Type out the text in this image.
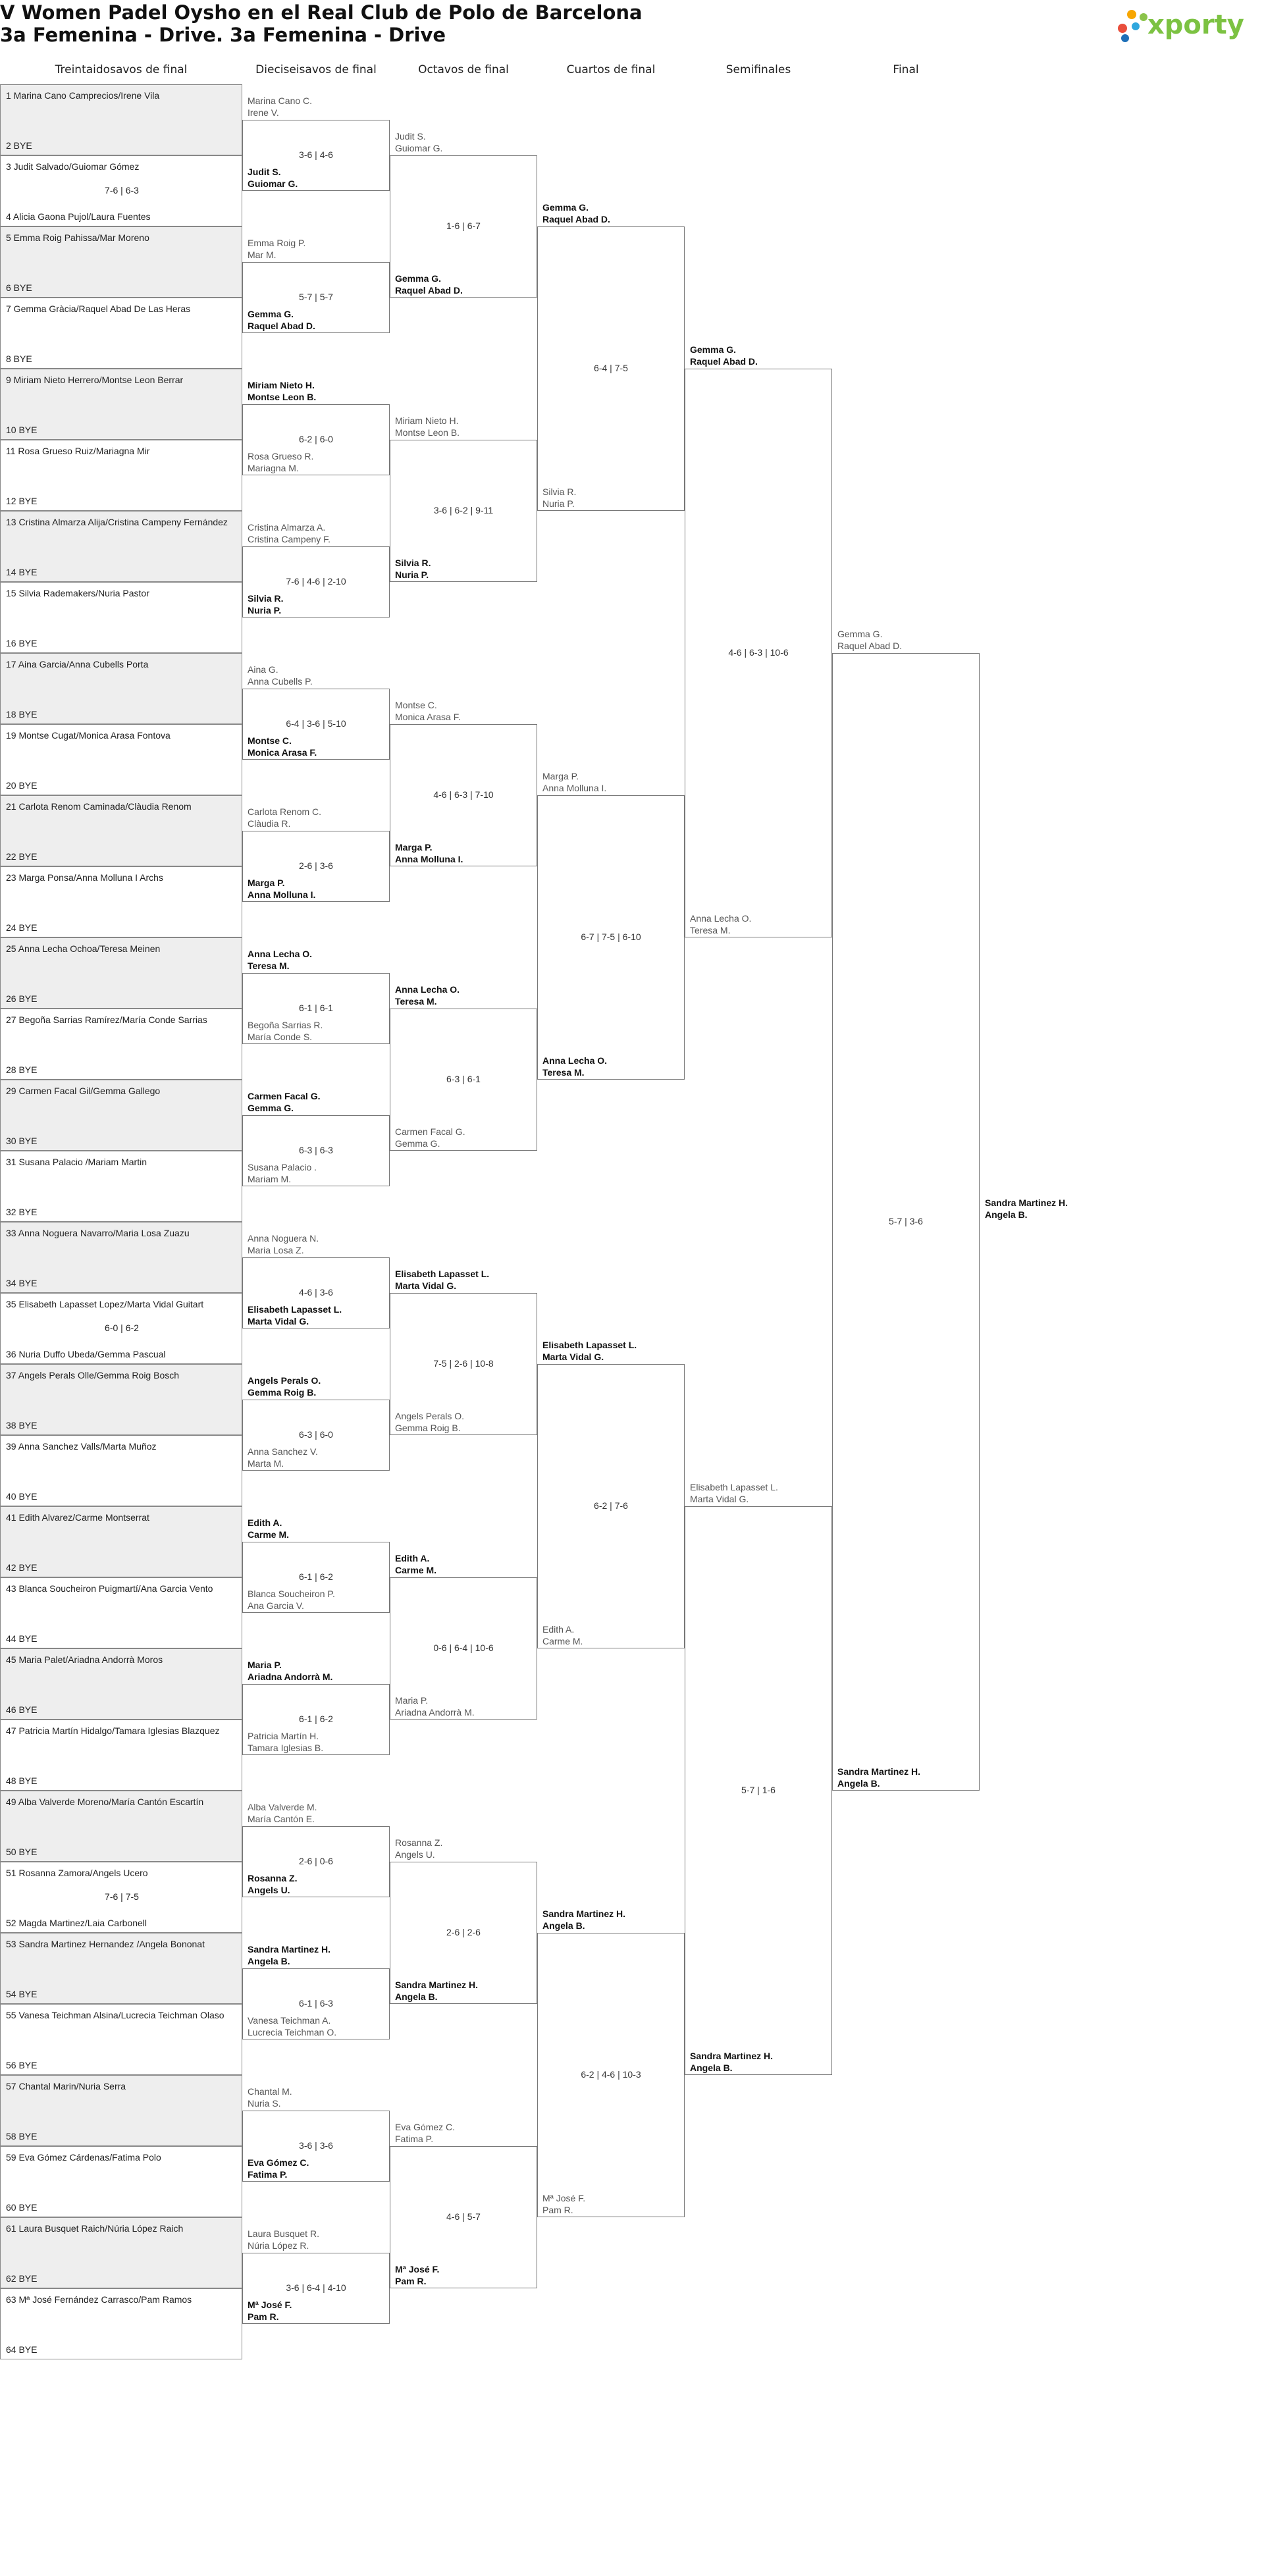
V Women Padel Oysho en el Real Club de Polo de Barcelona
3a Femenina - Drive. 3a Femenina - Drive	xporty
Treintaidosavos de final	Dieciseisavos de final	Octavos de final	Cuartos de final	Semifinales	Final
1 Marina Cano Camprecios/Irene Vila
2 BYE
3 Judit Salvado/Guiomar Gómez
4 Alicia Gaona Pujol/Laura Fuentes
7-6 | 6-3
5 Emma Roig Pahissa/Mar Moreno
6 BYE
7 Gemma Gràcia/Raquel Abad De Las Heras
8 BYE
9 Miriam Nieto Herrero/Montse Leon Berrar
10 BYE
11 Rosa Grueso Ruiz/Mariagna Mir
12 BYE
13 Cristina Almarza Alija/Cristina Campeny Fernández
14 BYE
15 Silvia Rademakers/Nuria Pastor
16 BYE
17 Aina Garcia/Anna Cubells Porta
18 BYE
19 Montse Cugat/Monica Arasa Fontova
20 BYE
21 Carlota Renom Caminada/Clàudia Renom
22 BYE
23 Marga Ponsa/Anna Molluna I Archs
24 BYE
25 Anna Lecha Ochoa/Teresa Meinen
26 BYE
27 Begoña Sarrias Ramírez/María Conde Sarrias
28 BYE
29 Carmen Facal Gil/Gemma Gallego
30 BYE
31 Susana Palacio /Mariam Martin
32 BYE
33 Anna Noguera Navarro/Maria Losa Zuazu
34 BYE
35 Elisabeth Lapasset Lopez/Marta Vidal Guitart
36 Nuria Duffo Ubeda/Gemma Pascual
6-0 | 6-2
37 Angels Perals Olle/Gemma Roig Bosch
38 BYE
39 Anna Sanchez Valls/Marta Muñoz
40 BYE
41 Edith Alvarez/Carme Montserrat
42 BYE
43 Blanca Soucheiron Puigmartí/Ana Garcia Vento
44 BYE
45 Maria Palet/Ariadna Andorrà Moros
46 BYE
47 Patricia Martín Hidalgo/Tamara Iglesias Blazquez
48 BYE
49 Alba Valverde Moreno/María Cantón Escartín
50 BYE
51 Rosanna Zamora/Angels Ucero
52 Magda Martinez/Laia Carbonell
7-6 | 7-5
53 Sandra Martinez Hernandez /Angela Bononat
54 BYE
55 Vanesa Teichman Alsina/Lucrecia Teichman Olaso
56 BYE
57 Chantal Marin/Nuria Serra
58 BYE
59 Eva Gómez Cárdenas/Fatima Polo
60 BYE
61 Laura Busquet Raich/Núria López Raich
62 BYE
63 Mª José Fernández Carrasco/Pam Ramos
64 BYE
Marina Cano C.
Irene V.
Judit S.
Guiomar G.
3-6 | 4-6
Emma Roig P.
Mar M.
Gemma G.
Raquel Abad D.
5-7 | 5-7
Miriam Nieto H.
Montse Leon B.
Rosa Grueso R.
Mariagna M.
6-2 | 6-0
Cristina Almarza A.
Cristina Campeny F.
Silvia R.
Nuria P.
7-6 | 4-6 | 2-10
Aina G.
Anna Cubells P.
Montse C.
Monica Arasa F.
6-4 | 3-6 | 5-10
Carlota Renom C.
Clàudia R.
Marga P.
Anna Molluna I.
2-6 | 3-6
Anna Lecha O.
Teresa M.
Begoña Sarrias R.
María Conde S.
6-1 | 6-1
Carmen Facal G.
Gemma G.
Susana Palacio .
Mariam M.
6-3 | 6-3
Anna Noguera N.
Maria Losa Z.
Elisabeth Lapasset L.
Marta Vidal G.
4-6 | 3-6
Angels Perals O.
Gemma Roig B.
Anna Sanchez V.
Marta M.
6-3 | 6-0
Edith A.
Carme M.
Blanca Soucheiron P.
Ana Garcia V.
6-1 | 6-2
Maria P.
Ariadna Andorrà M.
Patricia Martín H.
Tamara Iglesias B.
6-1 | 6-2
Alba Valverde M.
María Cantón E.
Rosanna Z.
Angels U.
2-6 | 0-6
Sandra Martinez H.
Angela B.
Vanesa Teichman A.
Lucrecia Teichman O.
6-1 | 6-3
Chantal M.
Nuria S.
Eva Gómez C.
Fatima P.
3-6 | 3-6
Laura Busquet R.
Núria López R.
Mª José F.
Pam R.
3-6 | 6-4 | 4-10
Judit S.
Guiomar G.
Gemma G.
Raquel Abad D.
1-6 | 6-7
Miriam Nieto H.
Montse Leon B.
Silvia R.
Nuria P.
3-6 | 6-2 | 9-11
Montse C.
Monica Arasa F.
Marga P.
Anna Molluna I.
4-6 | 6-3 | 7-10
Anna Lecha O.
Teresa M.
Carmen Facal G.
Gemma G.
6-3 | 6-1
Elisabeth Lapasset L.
Marta Vidal G.
Angels Perals O.
Gemma Roig B.
7-5 | 2-6 | 10-8
Edith A.
Carme M.
Maria P.
Ariadna Andorrà M.
0-6 | 6-4 | 10-6
Rosanna Z.
Angels U.
Sandra Martinez H.
Angela B.
2-6 | 2-6
Eva Gómez C.
Fatima P.
Mª José F.
Pam R.
4-6 | 5-7
Gemma G.
Raquel Abad D.
Silvia R.
Nuria P.
6-4 | 7-5
Marga P.
Anna Molluna I.
Anna Lecha O.
Teresa M.
6-7 | 7-5 | 6-10
Elisabeth Lapasset L.
Marta Vidal G.
Edith A.
Carme M.
6-2 | 7-6
Sandra Martinez H.
Angela B.
Mª José F.
Pam R.
6-2 | 4-6 | 10-3
Gemma G.
Raquel Abad D.
Anna Lecha O.
Teresa M.
4-6 | 6-3 | 10-6
Elisabeth Lapasset L.
Marta Vidal G.
Sandra Martinez H.
Angela B.
5-7 | 1-6
Gemma G.
Raquel Abad D.
Sandra Martinez H.
Angela B.
5-7 | 3-6
Sandra Martinez H.
Angela B.
